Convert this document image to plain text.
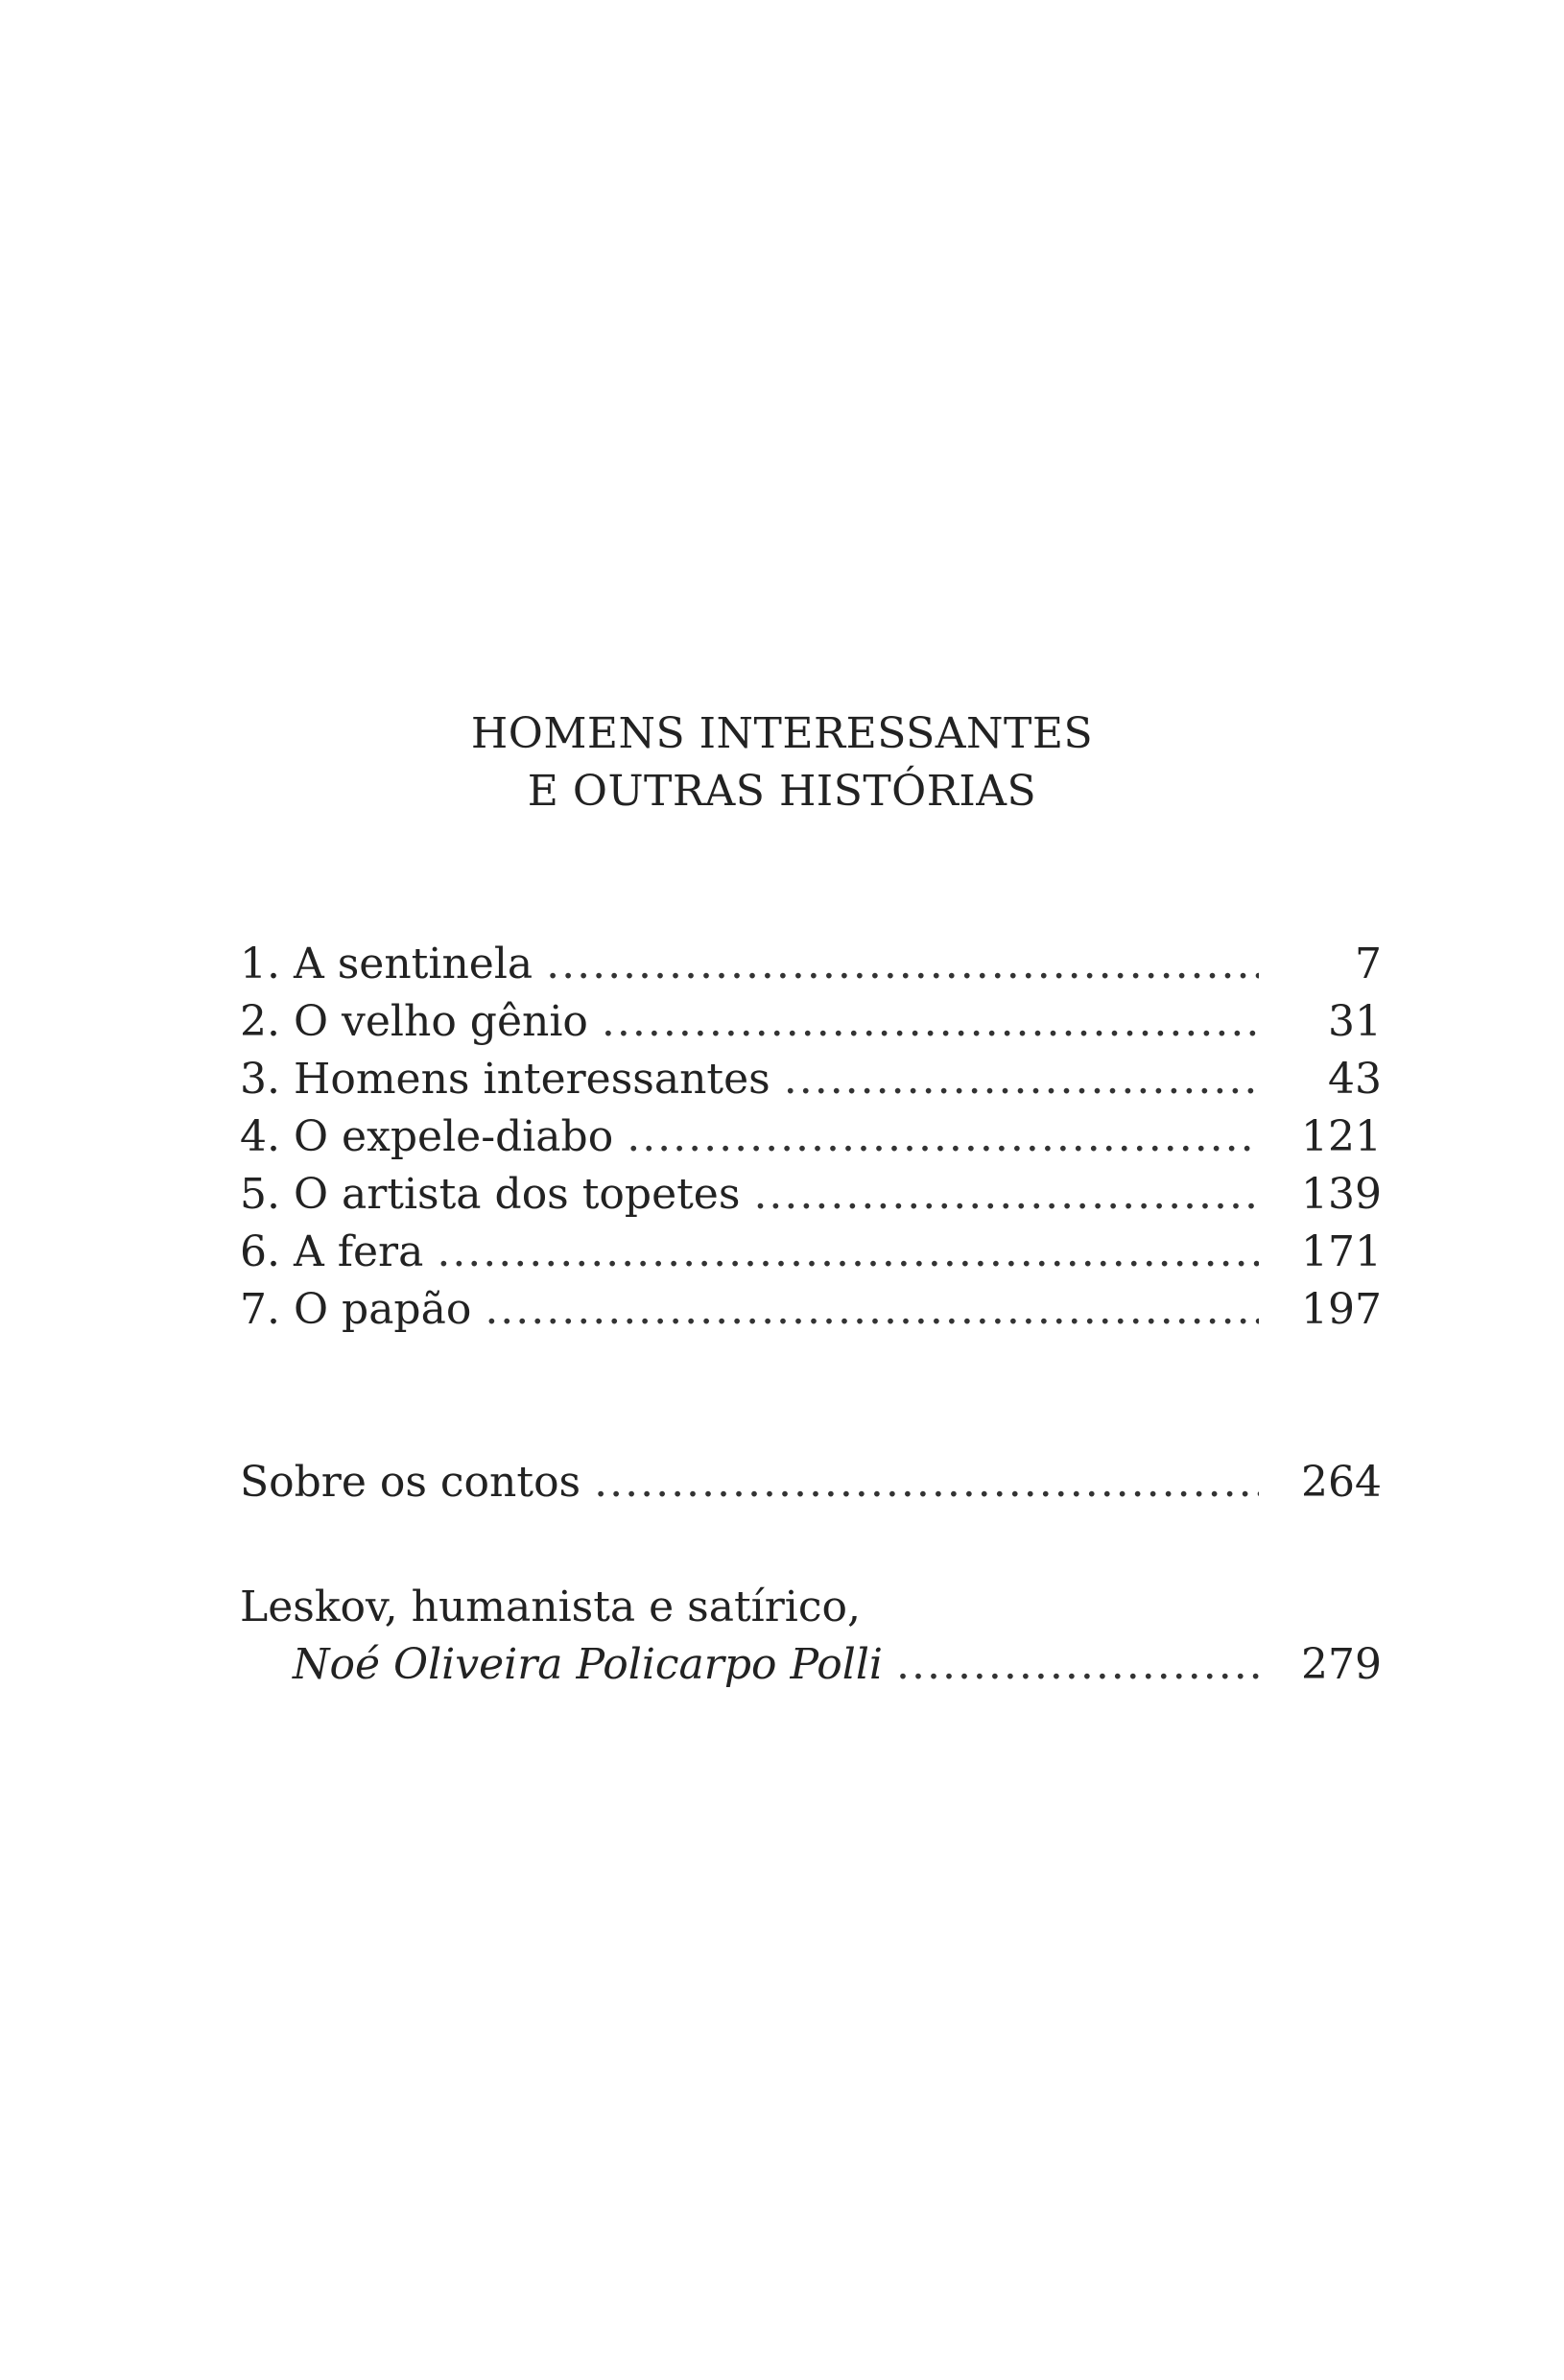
HOMENS INTERESSANTES
E OUTRAS HISTÓRIAS
1. A sentinela .....	7
2. O velho gênio .....	31
3. Homens interessantes .....	43
4. O expele-diabo .....	121
5. O artista dos topetes .....	139
6. A fera .....	171
7. O papão .....	197
Sobre os contos .....	264
Leskov, humanista e satírico,
Noé Oliveira Policarpo Polli .....	279
